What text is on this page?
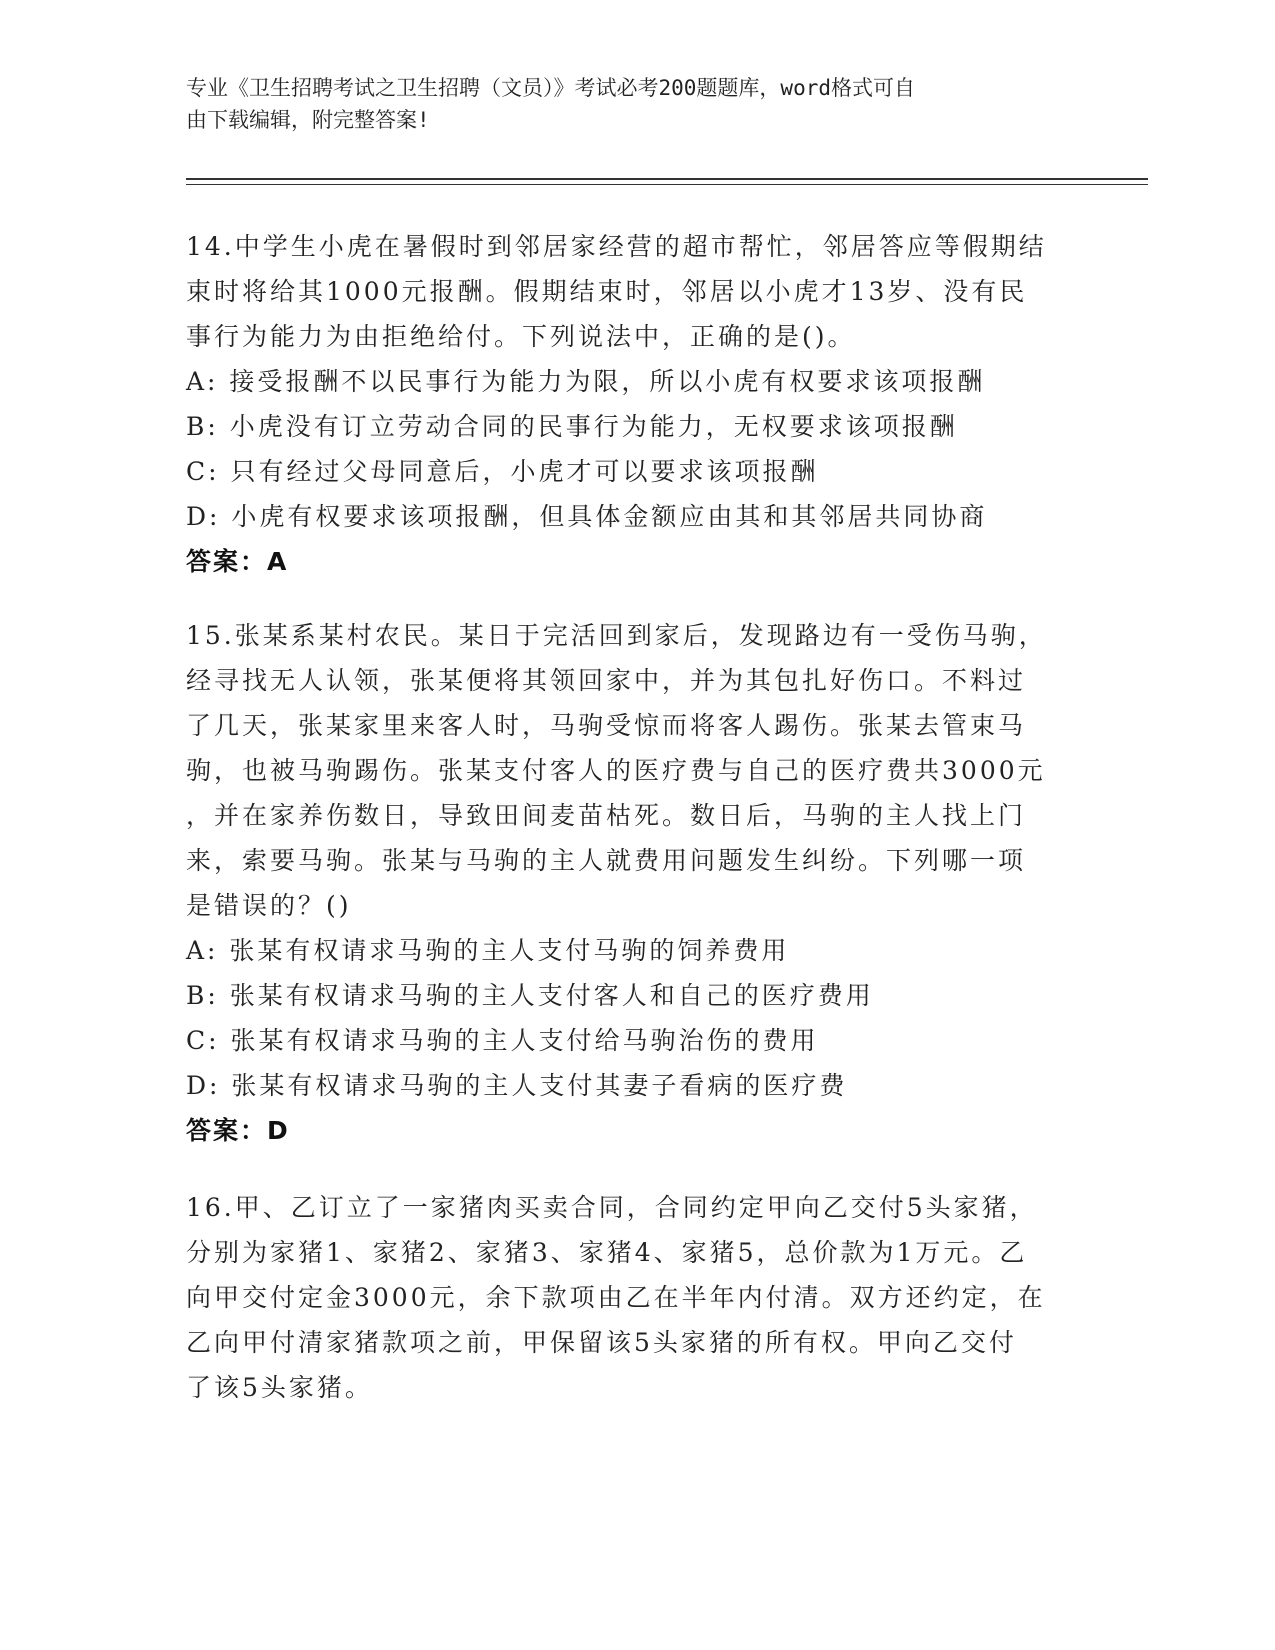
专业《卫生招聘考试之卫生招聘（文员）》考试必考200题题库，word格式可自
由下载编辑，附完整答案!

14.中学生小虎在暑假时到邻居家经营的超市帮忙，邻居答应等假期结
束时将给其1000元报酬。假期结束时，邻居以小虎才13岁、没有民
事行为能力为由拒绝给付。下列说法中，正确的是()。

A: 接受报酬不以民事行为能力为限，所以小虎有权要求该项报酬

B: 小虎没有订立劳动合同的民事行为能力，无权要求该项报酬

C: 只有经过父母同意后，小虎才可以要求该项报酬

D: 小虎有权要求该项报酬，但具体金额应由其和其邻居共同协商

答案：A

15.张某系某村农民。某日于完活回到家后，发现路边有一受伤马驹，
经寻找无人认领，张某便将其领回家中，并为其包扎好伤口。不料过
了几天，张某家里来客人时，马驹受惊而将客人踢伤。张某去管束马
驹，也被马驹踢伤。张某支付客人的医疗费与自己的医疗费共3000元
，并在家养伤数日，导致田间麦苗枯死。数日后，马驹的主人找上门
来，索要马驹。张某与马驹的主人就费用问题发生纠纷。下列哪一项
是错误的？()

A: 张某有权请求马驹的主人支付马驹的饲养费用

B: 张某有权请求马驹的主人支付客人和自己的医疗费用

C: 张某有权请求马驹的主人支付给马驹治伤的费用

D: 张某有权请求马驹的主人支付其妻子看病的医疗费

答案：D

16.甲、乙订立了一家猪肉买卖合同，合同约定甲向乙交付5头家猪，
分别为家猪1、家猪2、家猪3、家猪4、家猪5，总价款为1万元。乙
向甲交付定金3000元，余下款项由乙在半年内付清。双方还约定，在
乙向甲付清家猪款项之前，甲保留该5头家猪的所有权。甲向乙交付
了该5头家猪。
